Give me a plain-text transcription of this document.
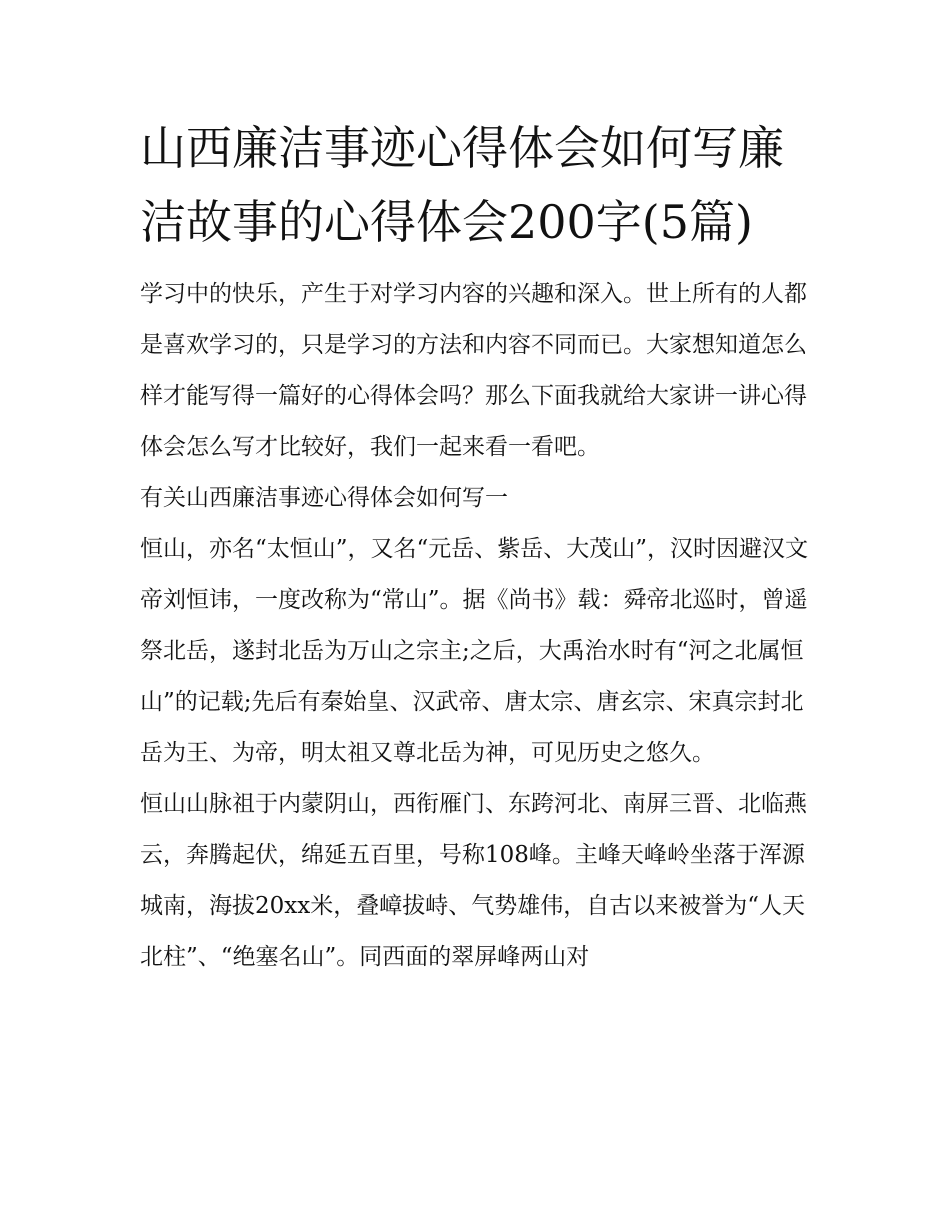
山西廉洁事迹心得体会如何写廉洁故事的心得体会200字(5篇)

学习中的快乐，产生于对学习内容的兴趣和深入。世上所有的人都是喜欢学习的，只是学习的方法和内容不同而已。大家想知道怎么样才能写得一篇好的心得体会吗？那么下面我就给大家讲一讲心得体会怎么写才比较好，我们一起来看一看吧。

有关山西廉洁事迹心得体会如何写一

恒山，亦名“太恒山”，又名“元岳、紫岳、大茂山”，汉时因避汉文帝刘恒讳，一度改称为“常山”。据《尚书》载：舜帝北巡时，曾遥祭北岳，遂封北岳为万山之宗主;之后，大禹治水时有“河之北属恒山”的记载;先后有秦始皇、汉武帝、唐太宗、唐玄宗、宋真宗封北岳为王、为帝，明太祖又尊北岳为神，可见历史之悠久。

恒山山脉祖于内蒙阴山，西衔雁门、东跨河北、南屏三晋、北临燕云，奔腾起伏，绵延五百里，号称108峰。主峰天峰岭坐落于浑源城南，海拔20xx米，叠嶂拔峙、气势雄伟，自古以来被誉为“人天北柱”、“绝塞名山”。同西面的翠屏峰两山对
